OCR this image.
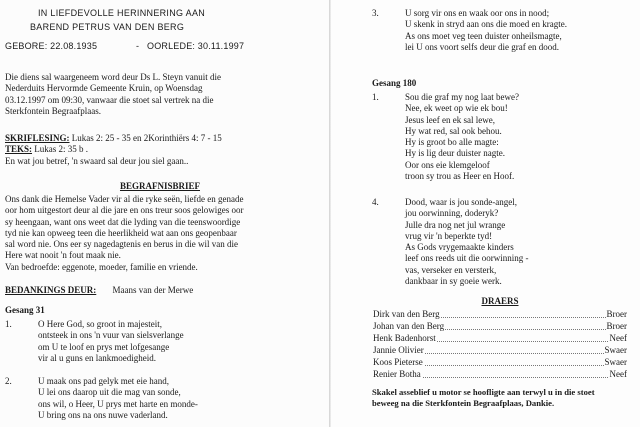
IN LIEFDEVOLLE HERINNERING AAN
BAREND PETRUS VAN DEN BERG
GEBORE: 22.08.1935	- OORLEDE: 30.11.1997

Die diens sal waargeneem word deur Ds L. Steyn vanuit die

Nederduits Hervormde Gemeente Kruin, op Woensdag

03.12.1997 om 09:30, vanwaar die stoet sal vertrek na die

Sterkfontein Begraafplaas.

SKRIFLESING: Lukas 2: 25 - 35 en 2Korinthiërs 4: 7 - 15

TEKS: Lukas 2: 35 b .

En wat jou betref, 'n swaard sal deur jou siel gaan..

BEGRAFNISBRIEF

Ons dank die Hemelse Vader vir al die ryke seën, liefde en genade

oor hom uitgestort deur al die jare en ons treur soos gelowiges oor

sy heengaan, want ons weet dat die lyding van die teenswoordige

tyd nie kan opweeg teen die heerlikheid wat aan ons geopenbaar

sal word nie. Ons eer sy nagedagtenis en berus in die wil van die

Here wat nooit 'n fout maak nie.

Van bedroefde: eggenote, moeder, familie en vriende.

BEDANKINGS DEUR: Maans van der Merwe
Gesang 31
1.	O Here God, so groot in majesteit,
ontsteek in ons 'n vuur van sielsverlange
om U te loof en prys met lofgesange
vir al u guns en lankmoedigheid.
2.	U maak ons pad gelyk met eie hand,
U lei ons daarop uit die mag van sonde,
ons wil, o Heer, U prys met harte en monde-
U bring ons na ons nuwe vaderland.
3.	U sorg vir ons en waak oor ons in nood;
U skenk in stryd aan ons die moed en kragte.
As ons moet veg teen duister onheilsmagte,
lei U ons voort selfs deur die graf en dood.
Gesang 180
1.	Sou die graf my nog laat bewe?
Nee, ek weet op wie ek bou!
Jesus leef en ek sal lewe,
Hy wat red, sal ook behou.
Hy is groot bo alle magte:
Hy is lig deur duister nagte.
Oor ons eie klemgeloof
troon sy trou as Heer en Hoof.
4.	Dood, waar is jou sonde-angel,
jou oorwinning, doderyk?
Julle dra nog net jul wrange
vrug vir 'n beperkte tyd!
As Gods vrygemaakte kinders
leef ons reeds uit die oorwinning -
vas, verseker en versterk,
dankbaar in sy goeie werk.
DRAERS
Dirk van den Berg	Broer
Johan van den Berg	Broer
Henk Badenhorst	Neef
Jannie Olivier	Swaer
Koos Pieterse	Swaer
Renier Botha	Neef

Skakel asseblief u motor se hoofligte aan terwyl u in die stoet

beweeg na die Sterkfontein Begraafplaas, Dankie.
